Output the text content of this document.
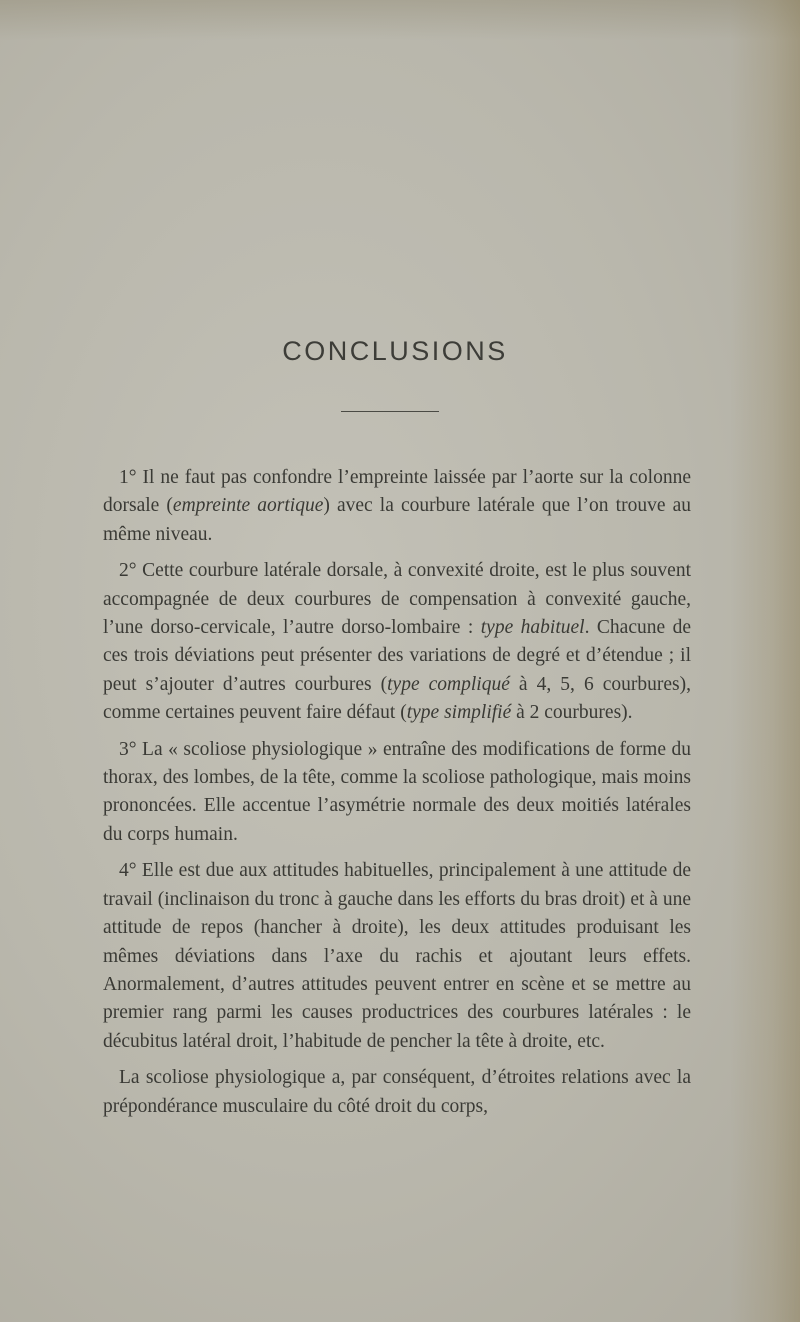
CONCLUSIONS

1° Il ne faut pas confondre l’empreinte laissée par l’aorte sur la colonne dorsale (empreinte aortique) avec la courbure latérale que l’on trouve au même niveau.

2° Cette courbure latérale dorsale, à convexité droite, est le plus souvent accompagnée de deux courbures de compensation à convexité gauche, l’une dorso-cervicale, l’autre dorso-lombaire : type habituel. Chacune de ces trois déviations peut présenter des variations de degré et d’étendue ; il peut s’ajouter d’autres courbures (type compliqué à 4, 5, 6 courbures), comme certaines peuvent faire défaut (type simplifié à 2 courbures).

3° La « scoliose physiologique » entraîne des modifications de forme du thorax, des lombes, de la tête, comme la scoliose pathologique, mais moins prononcées. Elle accentue l’asymétrie normale des deux moitiés latérales du corps humain.

4° Elle est due aux attitudes habituelles, principalement à une attitude de travail (inclinaison du tronc à gauche dans les efforts du bras droit) et à une attitude de repos (hancher à droite), les deux attitudes produisant les mêmes déviations dans l’axe du rachis et ajoutant leurs effets. Anormalement, d’autres attitudes peuvent entrer en scène et se mettre au premier rang parmi les causes productrices des courbures latérales : le décubitus latéral droit, l’habitude de pencher la tête à droite, etc.

La scoliose physiologique a, par conséquent, d’étroites relations avec la prépondérance musculaire du côté droit du corps,
